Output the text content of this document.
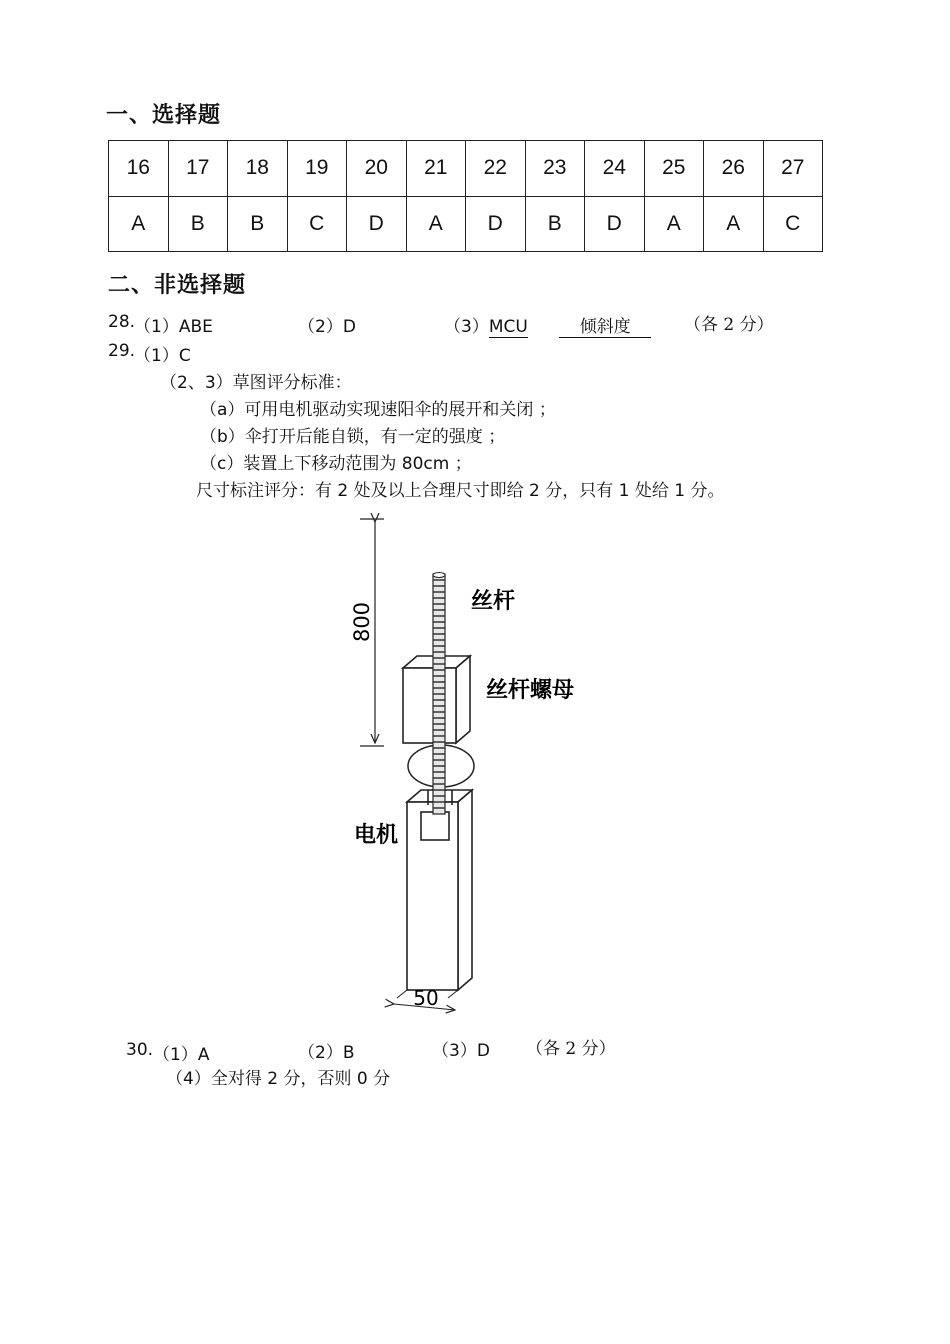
一、选择题
16	17	18	19	20	21	22	23	24	25	26	27
A	B	B	C	D	A	D	B	D	A	A	C
二、非选择题
28.
（1）ABE	（2）D	（3）MCU	倾斜度	（各 2 分）
29.
（1）C
（2、3）草图评分标准：
（a）可用电机驱动实现速阳伞的展开和关闭 ；
（b）伞打开后能自锁，有一定的强度 ；
（c）装置上下移动范围为 80cm ；
尺寸标注评分：有 2 处及以上合理尺寸即给 2 分，只有 1 处给 1 分。
800
50
丝杆
丝杆螺母
电机
30. （1）A	（2）B	（3）D （各 2 分）
（4）全对得 2 分，否则 0 分
